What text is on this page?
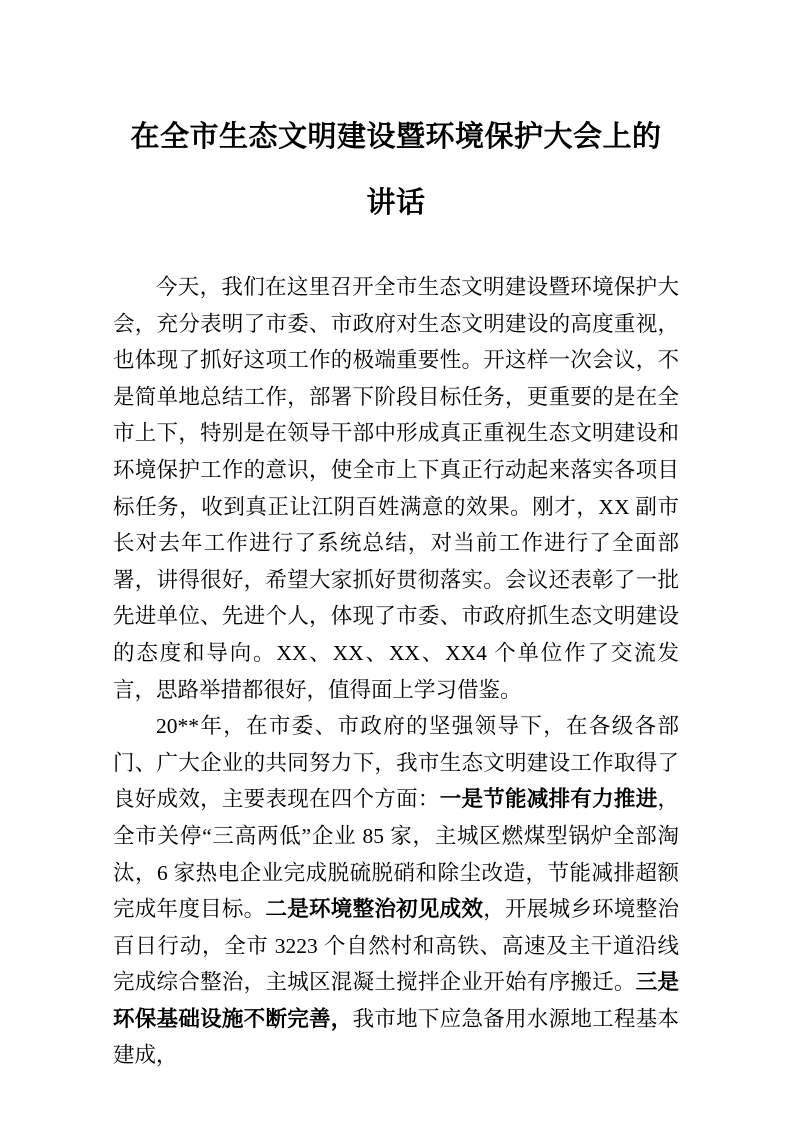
在全市生态文明建设暨环境保护大会上的
讲话

今天，我们在这里召开全市生态文明建设暨环境保护大会，充分表明了市委、市政府对生态文明建设的高度重视，也体现了抓好这项工作的极端重要性。开这样一次会议，不是简单地总结工作，部署下阶段目标任务，更重要的是在全市上下，特别是在领导干部中形成真正重视生态文明建设和环境保护工作的意识，使全市上下真正行动起来落实各项目标任务，收到真正让江阴百姓满意的效果。刚才，XX 副市长对去年工作进行了系统总结，对当前工作进行了全面部署，讲得很好，希望大家抓好贯彻落实。会议还表彰了一批先进单位、先进个人，体现了市委、市政府抓生态文明建设的态度和导向。XX、XX、XX、XX4 个单位作了交流发言，思路举措都很好，值得面上学习借鉴。

20**年，在市委、市政府的坚强领导下，在各级各部门、广大企业的共同努力下，我市生态文明建设工作取得了良好成效，主要表现在四个方面：一是节能减排有力推进，全市关停“三高两低”企业 85 家，主城区燃煤型锅炉全部淘汰，6 家热电企业完成脱硫脱硝和除尘改造，节能减排超额完成年度目标。二是环境整治初见成效，开展城乡环境整治百日行动，全市 3223 个自然村和高铁、高速及主干道沿线完成综合整治，主城区混凝土搅拌企业开始有序搬迁。三是环保基础设施不断完善，我市地下应急备用水源地工程基本建成，
